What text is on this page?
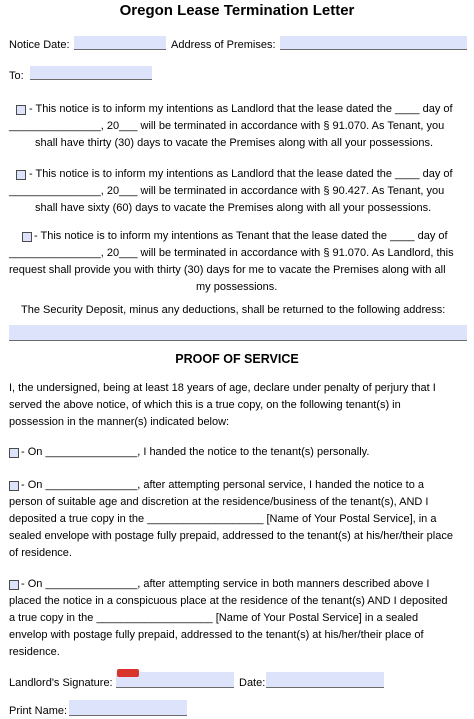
Oregon Lease Termination Letter
Notice Date:	Address of Premises:
To:
- This notice is to inform my intentions as Landlord that the lease dated the ____ day of
_______________, 20___ will be terminated in accordance with § 91.070. As Tenant, you
shall have thirty (30) days to vacate the Premises along with all your possessions.
- This notice is to inform my intentions as Landlord that the lease dated the ____ day of
_______________, 20___ will be terminated in accordance with § 90.427. As Tenant, you
shall have sixty (60) days to vacate the Premises along with all your possessions.
- This notice is to inform my intentions as Tenant that the lease dated the ____ day of
_______________, 20___ will be terminated in accordance with § 91.070. As Landlord, this
request shall provide you with thirty (30) days for me to vacate the Premises along with all
my possessions.
The Security Deposit, minus any deductions, shall be returned to the following address:
PROOF OF SERVICE
I, the undersigned, being at least 18 years of age, declare under penalty of perjury that I
served the above notice, of which this is a true copy, on the following tenant(s) in
possession in the manner(s) indicated below:
- On _______________, I handed the notice to the tenant(s) personally.
- On _______________, after attempting personal service, I handed the notice to a
person of suitable age and discretion at the residence/business of the tenant(s), AND I
deposited a true copy in the ___________________ [Name of Your Postal Service], in a
sealed envelope with postage fully prepaid, addressed to the tenant(s) at his/her/their place
of residence.
- On _______________, after attempting service in both manners described above I
placed the notice in a conspicuous place at the residence of the tenant(s) AND I deposited
a true copy in the ___________________ [Name of Your Postal Service] in a sealed
envelop with postage fully prepaid, addressed to the tenant(s) at his/her/their place of
residence.
Landlord's Signature:	Date:
Print Name:
